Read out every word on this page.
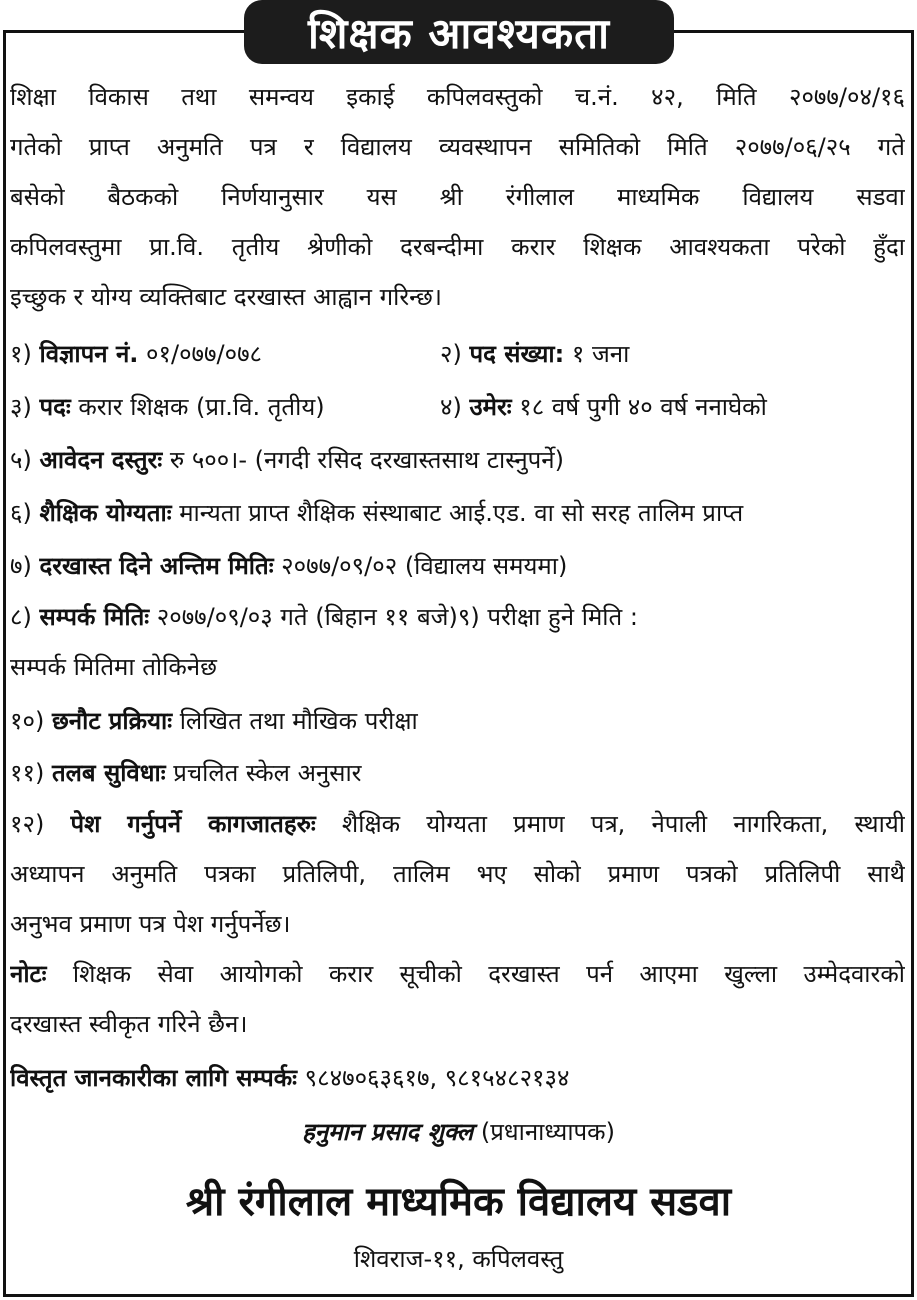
शिक्षक आवश्यकता
शिक्षा विकास तथा समन्वय इकाई कपिलवस्तुको च.नं. ४२, मिति २०७७/०४/१६
गतेको प्राप्त अनुमति पत्र र विद्यालय व्यवस्थापन समितिको मिति २०७७/०६/२५ गते
बसेको बैठकको निर्णयानुसार यस श्री रंगीलाल माध्यमिक विद्यालय सडवा
कपिलवस्तुमा प्रा.वि. तृतीय श्रेणीको दरबन्दीमा करार शिक्षक आवश्यकता परेको हुँदा
इच्छुक र योग्य व्यक्तिबाट दरखास्त आह्वान गरिन्छ।
१) विज्ञापन नं. ०१/०७७/०७८	२) पद संख्या: १ जना
३) पदः करार शिक्षक (प्रा.वि. तृतीय)	४) उमेरः १८ वर्ष पुगी ४० वर्ष ननाघेको
५) आवेदन दस्तुरः रु ५००।- (नगदी रसिद दरखास्तसाथ टास्नुपर्ने)
६) शैक्षिक योग्यताः मान्यता प्राप्त शैक्षिक संस्थाबाट आई.एड. वा सो सरह तालिम प्राप्त
७) दरखास्त दिने अन्तिम मितिः २०७७/०९/०२ (विद्यालय समयमा)
८) सम्पर्क मितिः २०७७/०९/०३ गते (बिहान ११ बजे)९) परीक्षा हुने मिति :
सम्पर्क मितिमा तोकिनेछ
१०) छनौट प्रक्रियाः लिखित तथा मौखिक परीक्षा
११) तलब सुविधाः प्रचलित स्केल अनुसार
१२) पेश गर्नुपर्ने कागजातहरुः शैक्षिक योग्यता प्रमाण पत्र, नेपाली नागरिकता, स्थायी
अध्यापन अनुमति पत्रका प्रतिलिपी, तालिम भए सोको प्रमाण पत्रको प्रतिलिपी साथै
अनुभव प्रमाण पत्र पेश गर्नुपर्नेछ।
नोटः शिक्षक सेवा आयोगको करार सूचीको दरखास्त पर्न आएमा खुल्ला उम्मेदवारको
दरखास्त स्वीकृत गरिने छैन।
विस्तृत जानकारीका लागि सम्पर्कः ९८४७०६३६१७, ९८१५४८२१३४
हनुमान प्रसाद शुक्ल (प्रधानाध्यापक)
श्री रंगीलाल माध्यमिक विद्यालय सडवा
शिवराज-११, कपिलवस्तु
